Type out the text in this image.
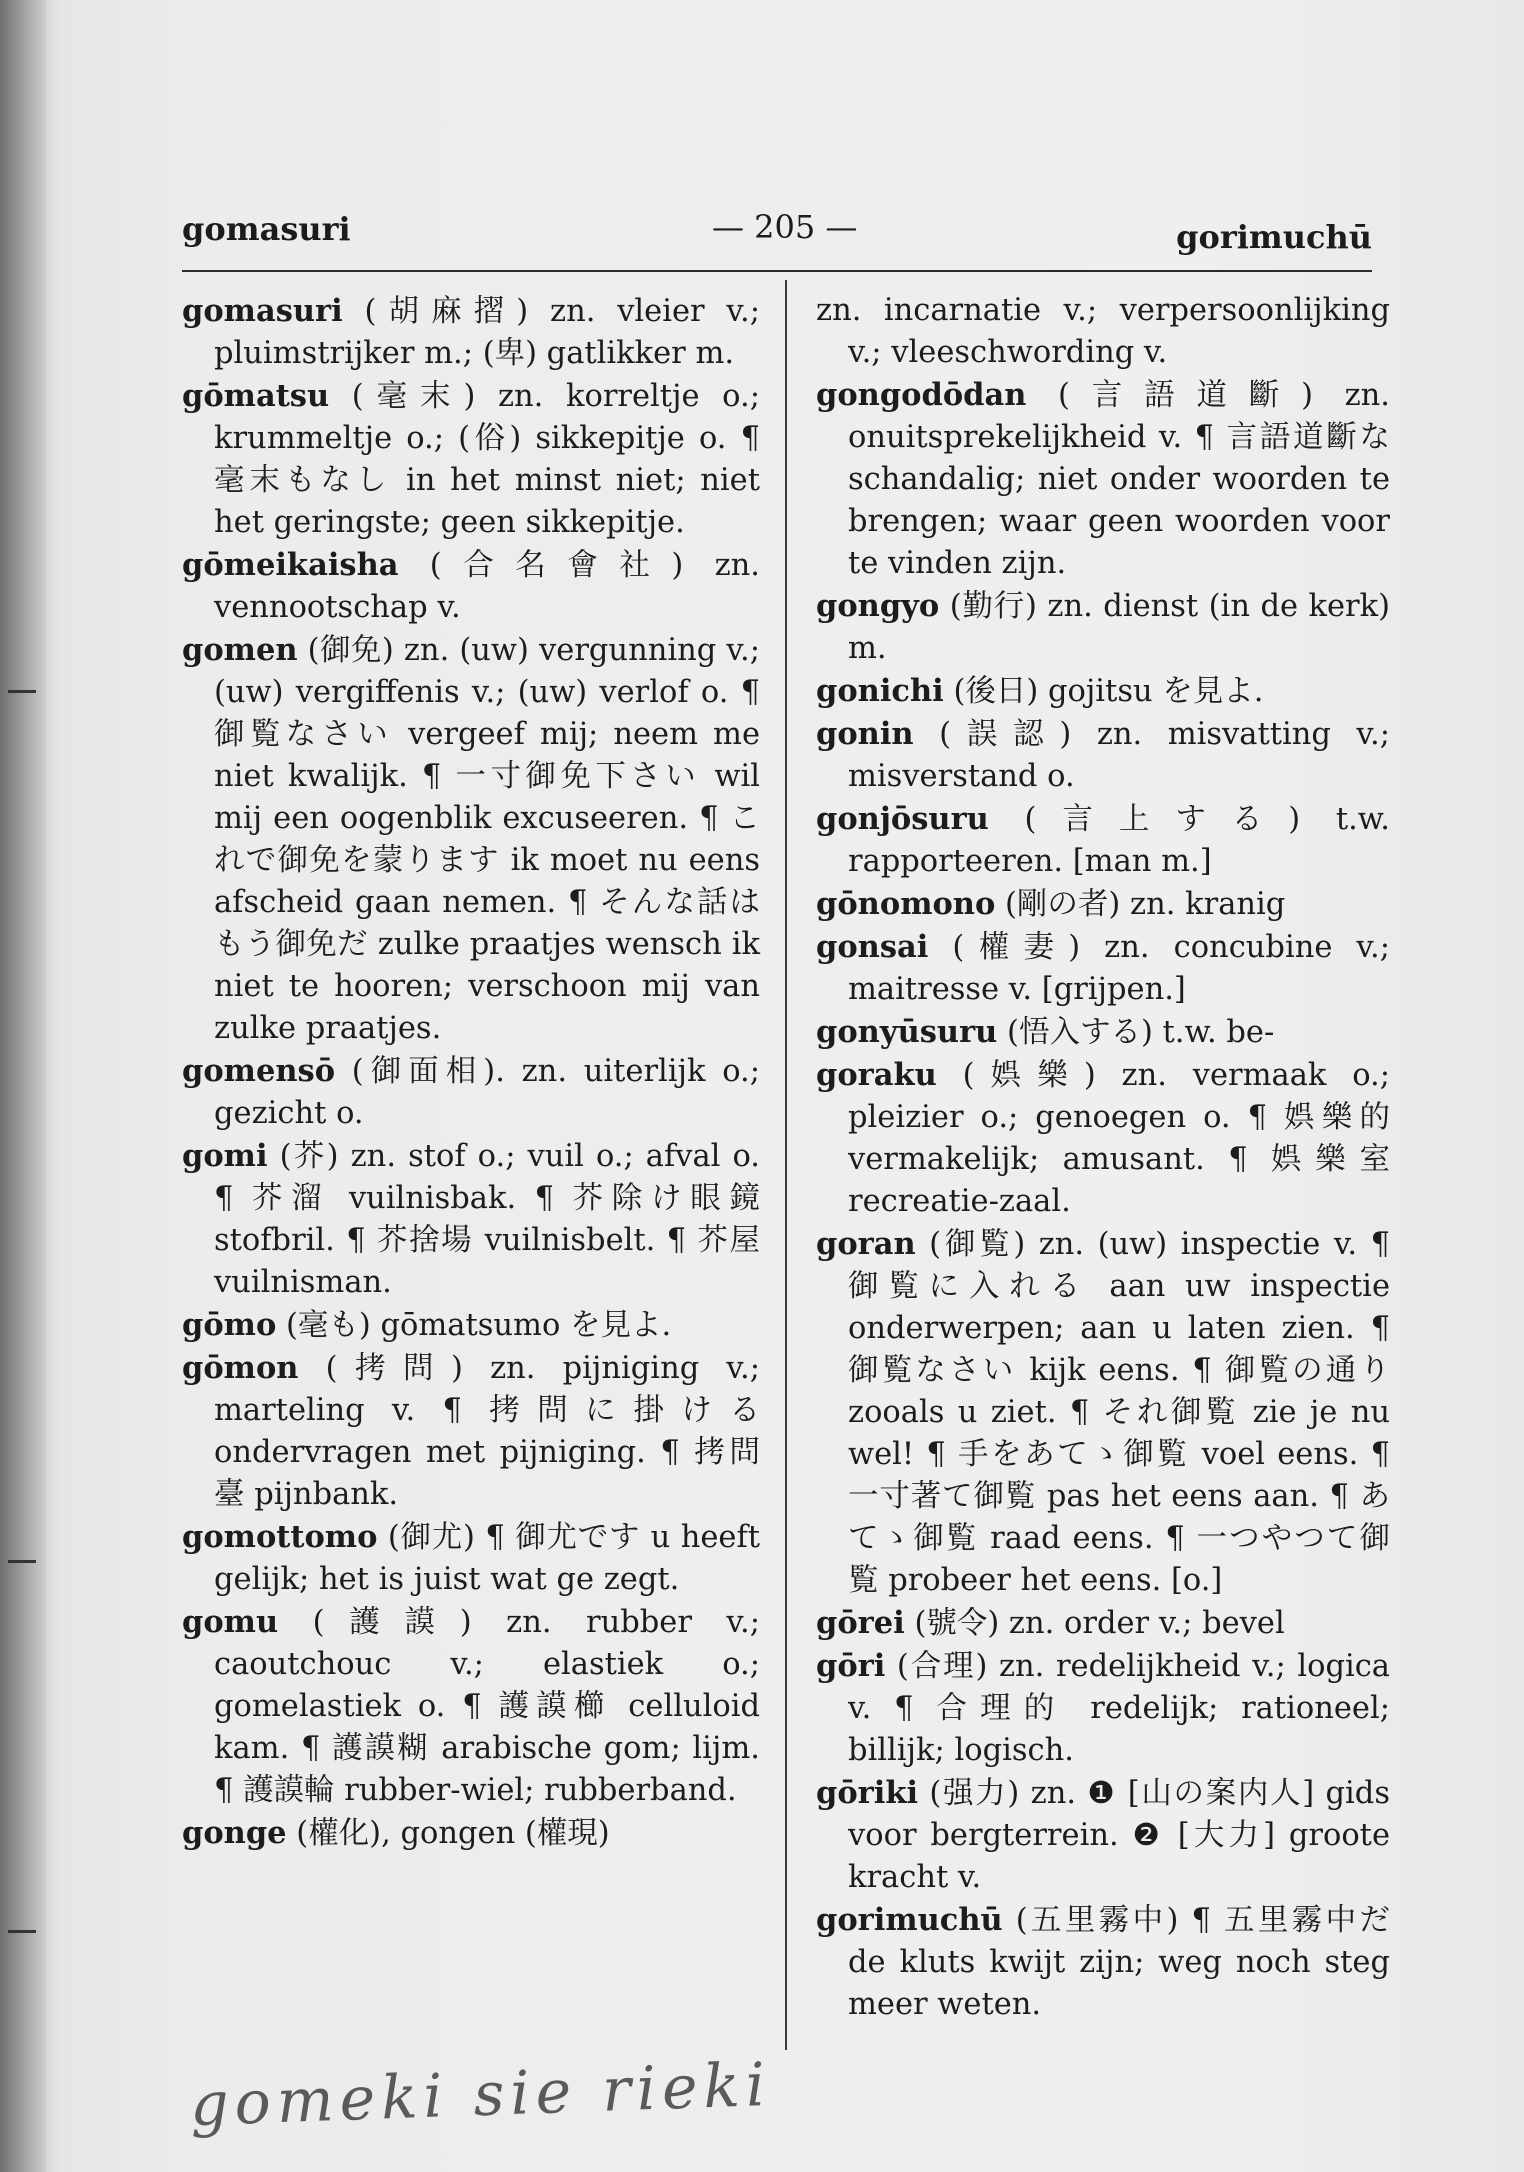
gomasuri	— 205 —	gorimuchū

gomasuri (胡麻摺) zn. vleier v.; pluimstrijker m.; (卑) gatlikker m.

gōmatsu (毫末) zn. korreltje o.; krummeltje o.; (俗) sikkepitje o. ¶ 毫末もなし in het minst niet; niet het geringste; geen sikkepitje.

gōmeikaisha (合名會社) zn. vennootschap v.

gomen (御免) zn. (uw) vergunning v.; (uw) vergiffenis v.; (uw) verlof o. ¶ 御覧なさい vergeef mij; neem me niet kwalijk. ¶ 一寸御免下さい wil mij een oogenblik excuseeren. ¶ これで御免を蒙ります ik moet nu eens afscheid gaan nemen. ¶ そんな話はもう御免だ zulke praatjes wensch ik niet te hooren; verschoon mij van zulke praatjes.

gomensō (御面相). zn. uiterlijk o.; gezicht o.

gomi (芥) zn. stof o.; vuil o.; afval o. ¶ 芥溜 vuilnisbak. ¶ 芥除け眼鏡 stofbril. ¶ 芥捨場 vuilnisbelt. ¶ 芥屋 vuilnisman.

gōmo (毫も) gōmatsumo を見よ.

gōmon (拷問) zn. pijniging v.; marteling v. ¶ 拷問に掛ける ondervragen met pijniging. ¶ 拷問臺 pijnbank.

gomottomo (御尤) ¶ 御尤です u heeft gelijk; het is juist wat ge zegt.

gomu (護謨) zn. rubber v.; caoutchouc v.; elastiek o.; gomelastiek o. ¶ 護謨櫛 celluloid kam. ¶ 護謨糊 arabische gom; lijm. ¶ 護謨輪 rubber-wiel; rubberband.

gonge (權化), gongen (權現)

zn. incarnatie v.; verpersoonlijking v.; vleeschwording v.

gongodōdan (言語道斷) zn. onuitsprekelijkheid v. ¶ 言語道斷な schandalig; niet onder woorden te brengen; waar geen woorden voor te vinden zijn.

gongyo (勤行) zn. dienst (in de kerk) m.

gonichi (後日) gojitsu を見よ.

gonin (誤認) zn. misvatting v.; misverstand o.

gonjōsuru (言上する) t.w. rapporteeren. [man m.]

gōnomono (剛の者) zn. kranig

gonsai (權妻) zn. concubine v.; maitresse v. [grijpen.]

gonyūsuru (悟入する) t.w. be-

goraku (娯樂) zn. vermaak o.; pleizier o.; genoegen o. ¶ 娯樂的 vermakelijk; amusant. ¶ 娯樂室 recreatie-zaal.

goran (御覧) zn. (uw) inspectie v. ¶ 御覧に入れる aan uw inspectie onderwerpen; aan u laten zien. ¶ 御覧なさい kijk eens. ¶ 御覧の通り zooals u ziet. ¶ それ御覧 zie je nu wel! ¶ 手をあてゝ御覧 voel eens. ¶ 一寸著て御覧 pas het eens aan. ¶ あてゝ御覧 raad eens. ¶ 一つやつて御覧 probeer het eens. [o.]

gōrei (號令) zn. order v.; bevel

gōri (合理) zn. redelijkheid v.; logica v. ¶ 合理的 redelijk; rationeel; billijk; logisch.

gōriki (强力) zn. ❶ [山の案内人] gids voor bergterrein. ❷ [大力] groote kracht v.

gorimuchū (五里霧中) ¶ 五里霧中だ de kluts kwijt zijn; weg noch steg meer weten.

gomeki sie rieki
